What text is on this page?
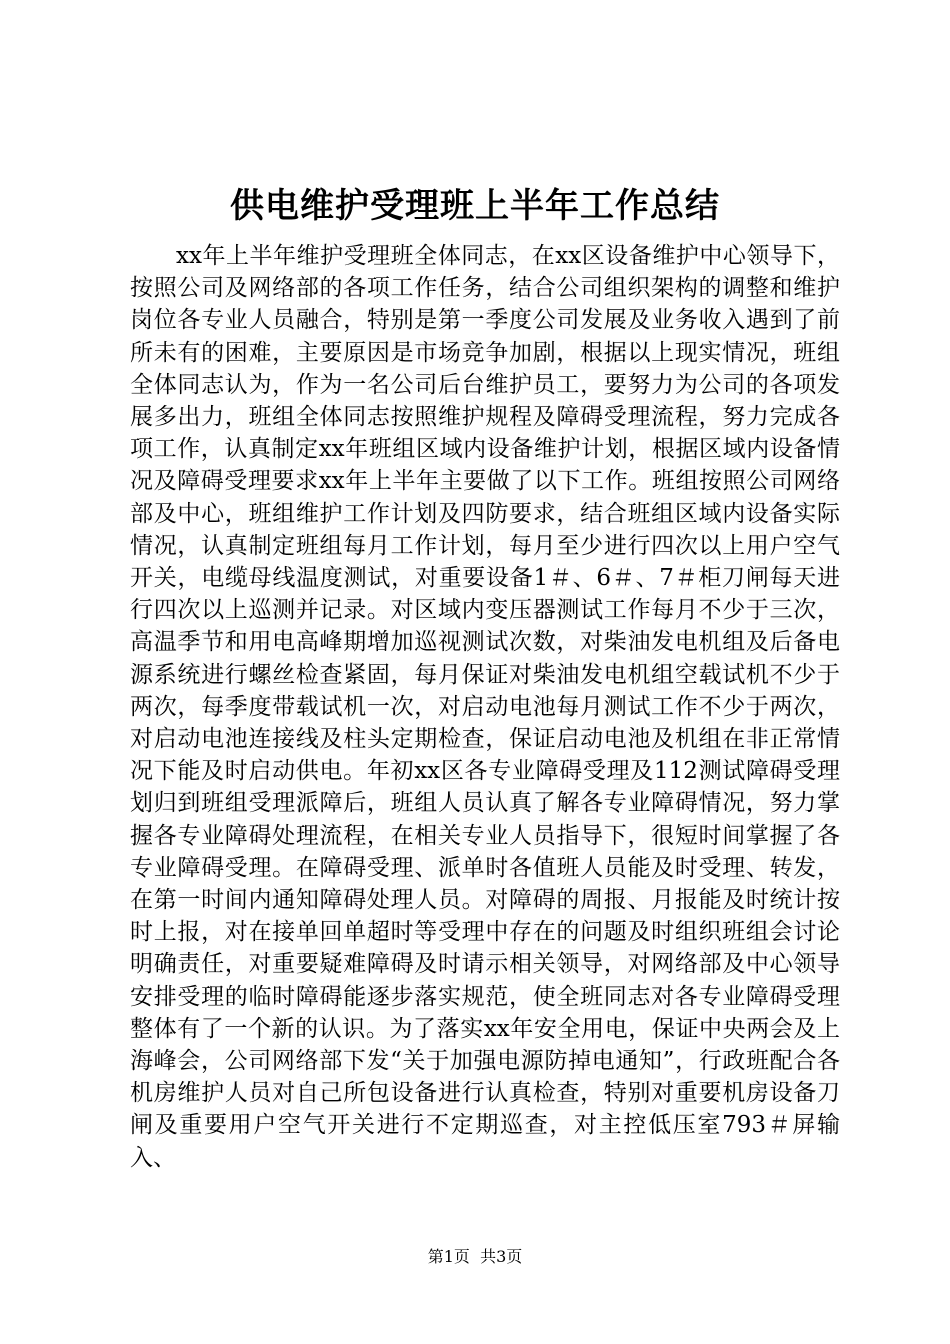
供电维护受理班上半年工作总结
xx年上半年维护受理班全体同志，在xx区设备维护中心领导下，按照公司及网络部的各项工作任务，结合公司组织架构的调整和维护岗位各专业人员融合，特别是第一季度公司发展及业务收入遇到了前所未有的困难，主要原因是市场竞争加剧，根据以上现实情况，班组全体同志认为，作为一名公司后台维护员工，要努力为公司的各项发展多出力，班组全体同志按照维护规程及障碍受理流程，努力完成各项工作，认真制定xx年班组区域内设备维护计划，根据区域内设备情况及障碍受理要求xx年上半年主要做了以下工作。班组按照公司网络部及中心，班组维护工作计划及四防要求，结合班组区域内设备实际情况，认真制定班组每月工作计划，每月至少进行四次以上用户空气开关，电缆母线温度测试，对重要设备1＃、6＃、7＃柜刀闸每天进行四次以上巡测并记录。对区域内变压器测试工作每月不少于三次，高温季节和用电高峰期增加巡视测试次数，对柴油发电机组及后备电源系统进行螺丝检查紧固，每月保证对柴油发电机组空载试机不少于两次，每季度带载试机一次，对启动电池每月测试工作不少于两次，对启动电池连接线及柱头定期检查，保证启动电池及机组在非正常情况下能及时启动供电。年初xx区各专业障碍受理及112测试障碍受理划归到班组受理派障后，班组人员认真了解各专业障碍情况，努力掌握各专业障碍处理流程，在相关专业人员指导下，很短时间掌握了各专业障碍受理。在障碍受理、派单时各值班人员能及时受理、转发，在第一时间内通知障碍处理人员。对障碍的周报、月报能及时统计按时上报，对在接单回单超时等受理中存在的问题及时组织班组会讨论明确责任，对重要疑难障碍及时请示相关领导，对网络部及中心领导安排受理的临时障碍能逐步落实规范，使全班同志对各专业障碍受理整体有了一个新的认识。为了落实xx年安全用电，保证中央两会及上海峰会，公司网络部下发“关于加强电源防掉电通知”，行政班配合各机房维护人员对自己所包设备进行认真检查，特别对重要机房设备刀闸及重要用户空气开关进行不定期巡查，对主控低压室793＃屏输入、
第1页 共3页
